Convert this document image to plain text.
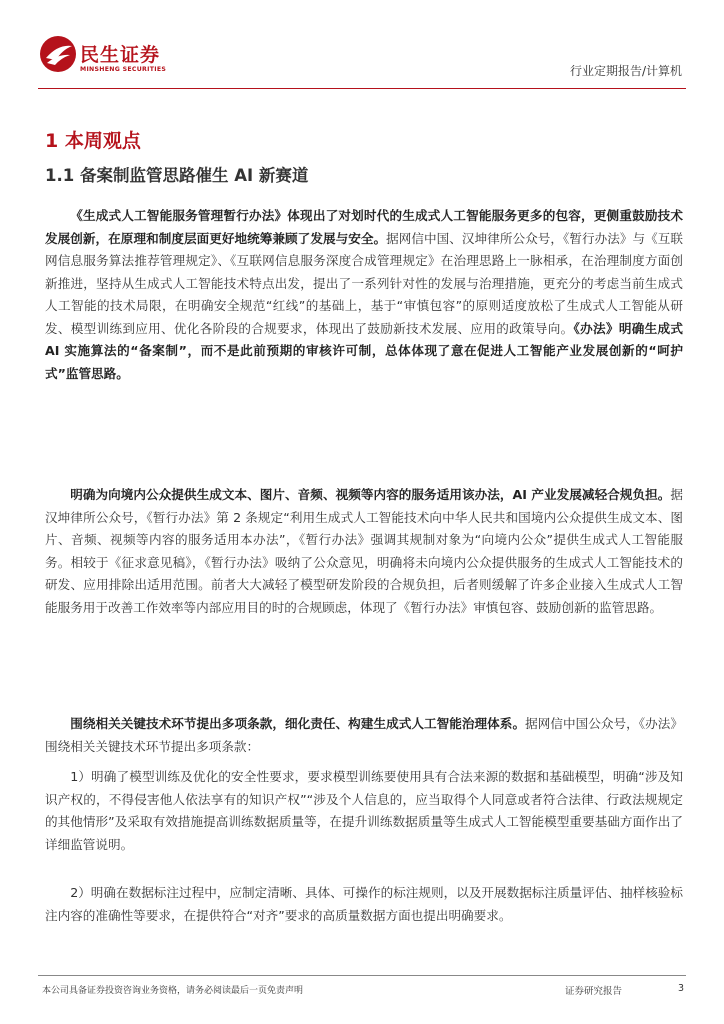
民生证券
MINSHENG SECURITIES	行业定期报告/计算机
1 本周观点
1.1 备案制监管思路催生 AI 新赛道

《生成式人工智能服务管理暂行办法》体现出了对划时代的生成式人工智能服务更多的包容，更侧重鼓励技术发展创新，在原理和制度层面更好地统筹兼顾了发展与安全。据网信中国、汉坤律所公众号，《暂行办法》与《互联网信息服务算法推荐管理规定》、《互联网信息服务深度合成管理规定》在治理思路上一脉相承，在治理制度方面创新推进，坚持从生成式人工智能技术特点出发，提出了一系列针对性的发展与治理措施，更充分的考虑当前生成式人工智能的技术局限，在明确安全规范“红线”的基础上，基于“审慎包容”的原则适度放松了生成式人工智能从研发、模型训练到应用、优化各阶段的合规要求，体现出了鼓励新技术发展、应用的政策导向。《办法》明确生成式 AI 实施算法的“备案制”，而不是此前预期的审核许可制，总体体现了意在促进人工智能产业发展创新的“呵护式”监管思路。

明确为向境内公众提供生成文本、图片、音频、视频等内容的服务适用该办法，AI 产业发展减轻合规负担。据汉坤律所公众号，《暂行办法》第 2 条规定“利用生成式人工智能技术向中华人民共和国境内公众提供生成文本、图片、音频、视频等内容的服务适用本办法”，《暂行办法》强调其规制对象为“向境内公众”提供生成式人工智能服务。相较于《征求意见稿》，《暂行办法》吸纳了公众意见，明确将未向境内公众提供服务的生成式人工智能技术的研发、应用排除出适用范围。前者大大减轻了模型研发阶段的合规负担，后者则缓解了许多企业接入生成式人工智能服务用于改善工作效率等内部应用目的时的合规顾虑，体现了《暂行办法》审慎包容、鼓励创新的监管思路。

围绕相关关键技术环节提出多项条款，细化责任、构建生成式人工智能治理体系。据网信中国公众号，《办法》围绕相关关键技术环节提出多项条款：

1）明确了模型训练及优化的安全性要求，要求模型训练要使用具有合法来源的数据和基础模型，明确“涉及知识产权的，不得侵害他人依法享有的知识产权”“涉及个人信息的，应当取得个人同意或者符合法律、行政法规规定的其他情形”及采取有效措施提高训练数据质量等，在提升训练数据质量等生成式人工智能模型重要基础方面作出了详细监管说明。

2）明确在数据标注过程中，应制定清晰、具体、可操作的标注规则，以及开展数据标注质量评估、抽样核验标注内容的准确性等要求，在提供符合“对齐”要求的高质量数据方面也提出明确要求。

本公司具备证券投资咨询业务资格，请务必阅读最后一页免责声明	证券研究报告	3
